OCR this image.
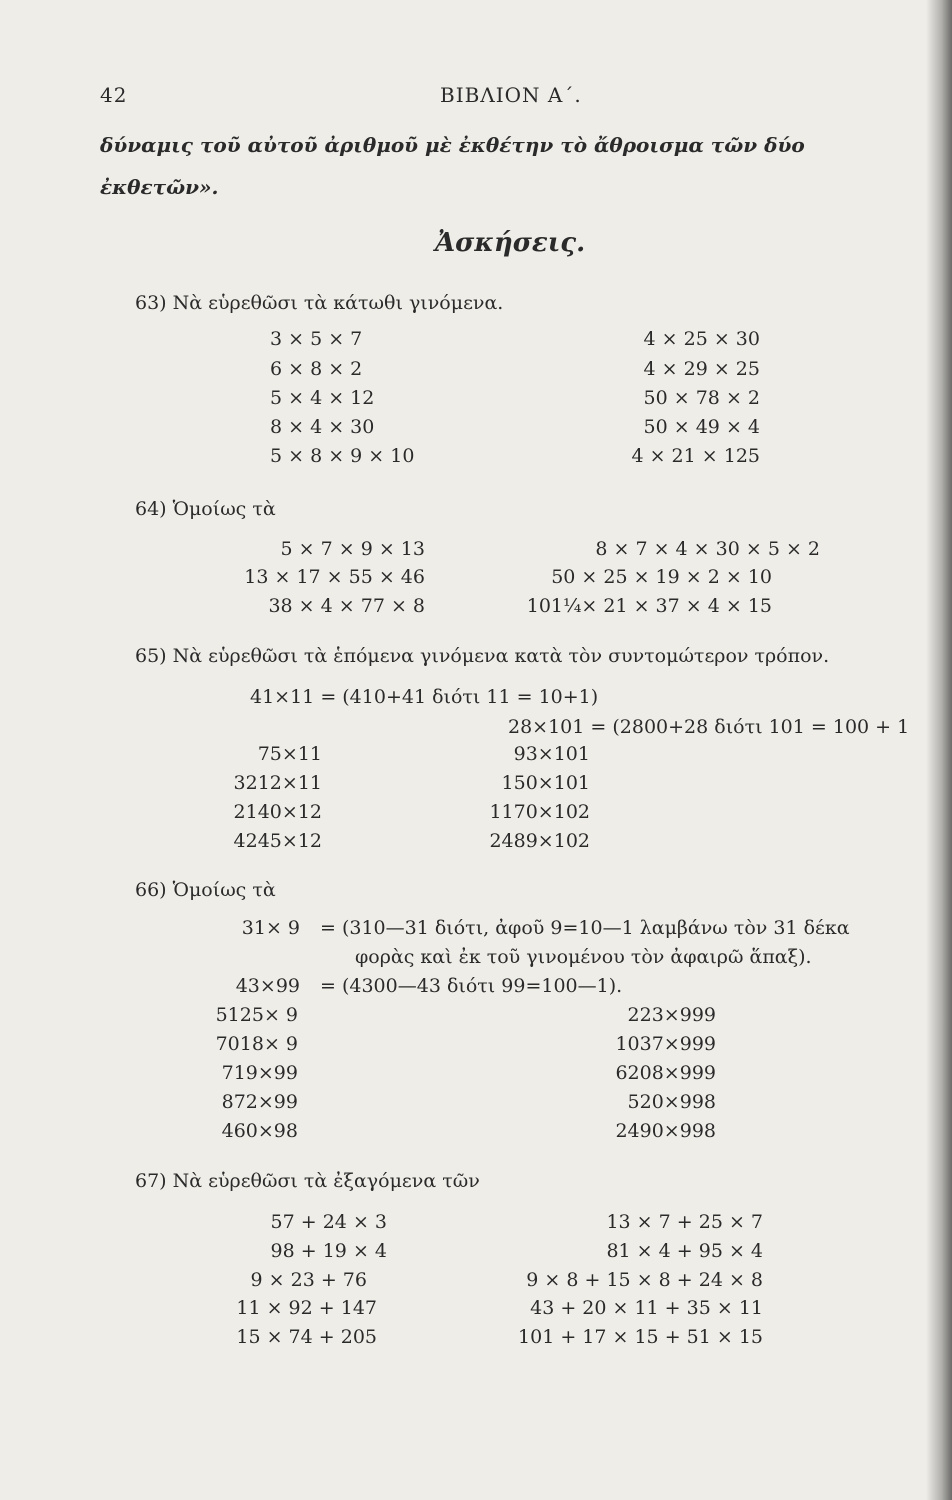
42	ΒΙΒΛΙΟΝ Α΄.
δύναμις τοῦ αὐτοῦ ἀριθμοῦ μὲ ἐκθέτην τὸ ἄθροισμα τῶν δύο
ἐκθετῶν».
Ἀσκήσεις.
63) Νὰ εὑρεθῶσι τὰ κάτωθι γινόμενα.
3 × 5 × 7
6 × 8 × 2
5 × 4 × 12
8 × 4 × 30
5 × 8 × 9 × 10
4 × 25 × 30
4 × 29 × 25
50 × 78 × 2
50 × 49 × 4
4 × 21 × 125
64) Ὁμοίως τὰ
5 × 7 × 9 × 13
13 × 17 × 55 × 46
38 × 4 × 77 × 8
8 × 7 × 4 × 30 × 5 × 2
50 × 25 × 19 × 2 × 10
101¼× 21 × 37 × 4 × 15
65) Νὰ εὑρεθῶσι τὰ ἑπόμενα γινόμενα κατὰ τὸν συντομώτερον τρόπον.
41×11 = (410+41 διότι 11 = 10+1)
28×101 = (2800+28 διότι 101 = 100 + 1
75×11
3212×11
2140×12
4245×12
93×101
150×101
1170×102
2489×102
66) Ὁμοίως τὰ
31× 9 = (310—31 διότι, ἀφοῦ 9=10—1 λαμβάνω τὸν 31 δέκα
φορὰς καὶ ἐκ τοῦ γινομένου τὸν ἀφαιρῶ ἅπαξ).
43×99 = (4300—43 διότι 99=100—1).
5125× 9
7018× 9
719×99
872×99
460×98
223×999
1037×999
6208×999
520×998
2490×998
67) Νὰ εὑρεθῶσι τὰ ἐξαγόμενα τῶν
57 + 24 × 3
98 + 19 × 4
9 × 23 + 76
11 × 92 + 147
15 × 74 + 205
13 × 7 + 25 × 7
81 × 4 + 95 × 4
9 × 8 + 15 × 8 + 24 × 8
43 + 20 × 11 + 35 × 11
101 + 17 × 15 + 51 × 15
